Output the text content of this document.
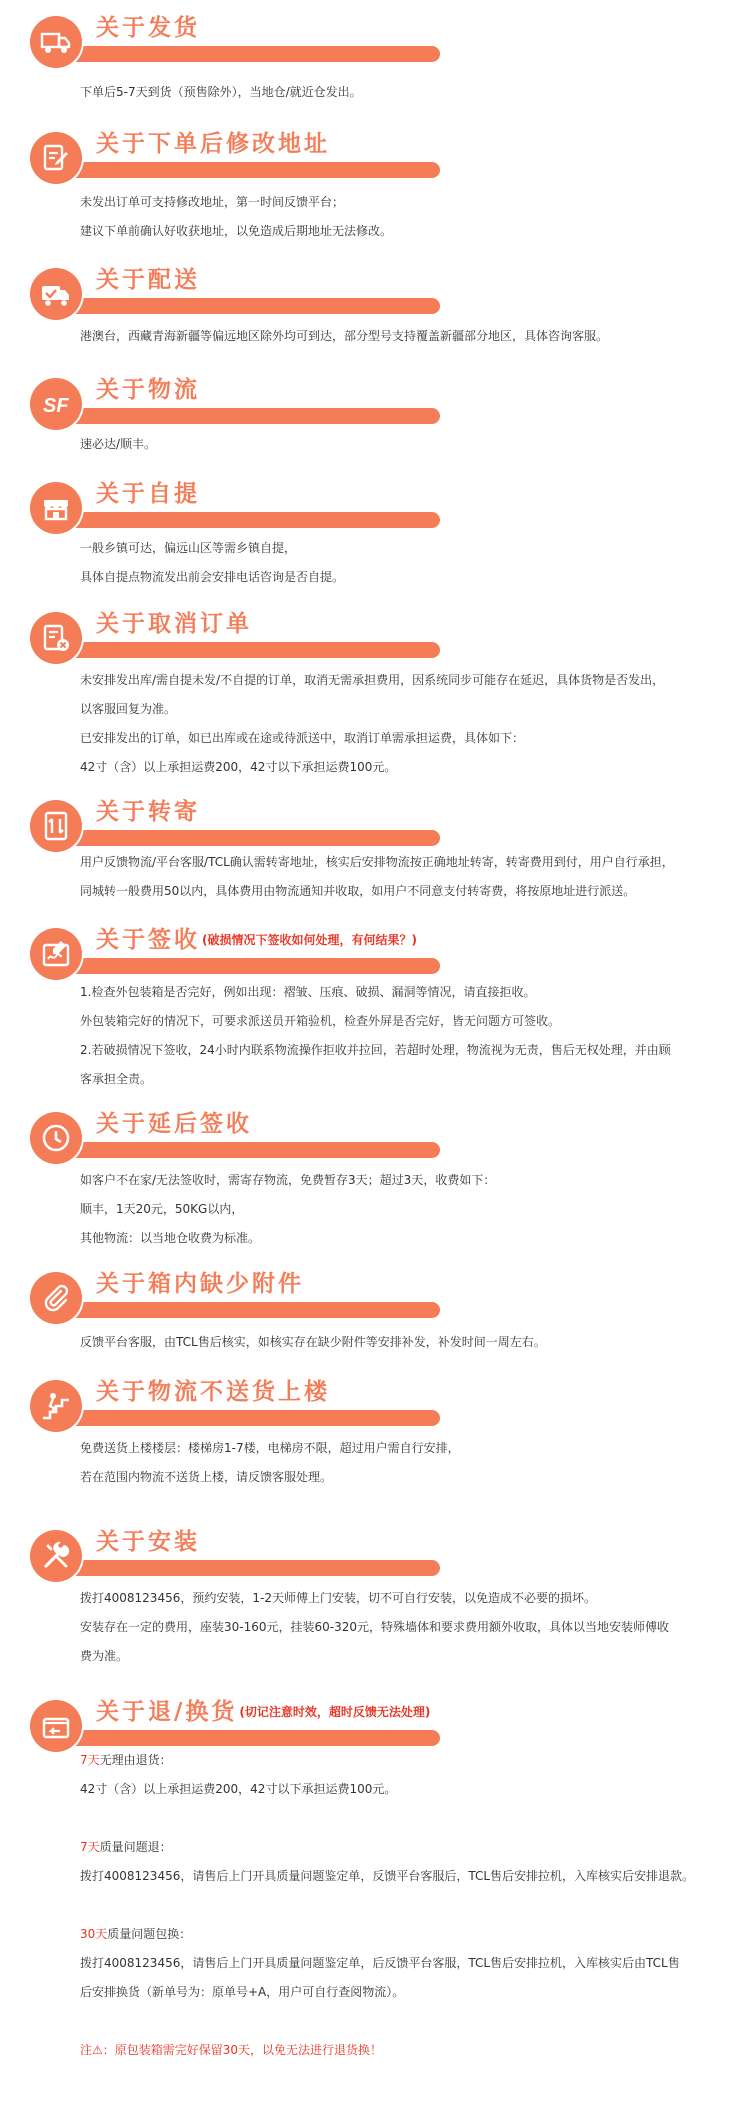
关于发货

下单后5-7天到货（预售除外），当地仓/就近仓发出。

关于下单后修改地址

未发出订单可支持修改地址，第一时间反馈平台；

建议下单前确认好收获地址，以免造成后期地址无法修改。

关于配送

港澳台，西藏青海新疆等偏远地区除外均可到达，部分型号支持覆盖新疆部分地区，具体咨询客服。

SF
关于物流

速必达/顺丰。

关于自提

一般乡镇可达，偏远山区等需乡镇自提，

具体自提点物流发出前会安排电话咨询是否自提。

关于取消订单

未安排发出库/需自提未发/不自提的订单，取消无需承担费用，因系统同步可能存在延迟，具体货物是否发出，

以客服回复为准。

已安排发出的订单，如已出库或在途或待派送中，取消订单需承担运费，具体如下：

42寸（含）以上承担运费200，42寸以下承担运费100元。

关于转寄

用户反馈物流/平台客服/TCL确认需转寄地址，核实后安排物流按正确地址转寄，转寄费用到付，用户自行承担，

同城转一般费用50以内，具体费用由物流通知并收取，如用户不同意支付转寄费，将按原地址进行派送。

关于签收 (破损情况下签收如何处理，有何结果？)

1.检查外包装箱是否完好，例如出现：褶皱、压痕、破损、漏洞等情况，请直接拒收。

外包装箱完好的情况下，可要求派送员开箱验机，检查外屏是否完好，皆无问题方可签收。

2.若破损情况下签收，24小时内联系物流操作拒收并拉回，若超时处理，物流视为无责，售后无权处理，并由顾

客承担全责。

关于延后签收

如客户不在家/无法签收时，需寄存物流，免费暂存3天；超过3天，收费如下：

顺丰，1天20元，50KG以内，

其他物流：以当地仓收费为标准。

关于箱内缺少附件

反馈平台客服，由TCL售后核实，如核实存在缺少附件等安排补发，补发时间一周左右。

关于物流不送货上楼

免费送货上楼楼层：楼梯房1-7楼，电梯房不限，超过用户需自行安排，

若在范围内物流不送货上楼，请反馈客服处理。

关于安装

拨打4008123456，预约安装，1-2天师傅上门安装，切不可自行安装，以免造成不必要的损坏。

安装存在一定的费用，座装30-160元，挂装60-320元，特殊墙体和要求费用额外收取，具体以当地安装师傅收

费为准。

关于退/换货 (切记注意时效，超时反馈无法处理)

7天无理由退货：

42寸（含）以上承担运费200，42寸以下承担运费100元。

7天质量问题退：

拨打4008123456，请售后上门开具质量问题鉴定单，反馈平台客服后，TCL售后安排拉机，入库核实后安排退款。

30天质量问题包换：

拨打4008123456，请售后上门开具质量问题鉴定单，后反馈平台客服，TCL售后安排拉机，入库核实后由TCL售

后安排换货（新单号为：原单号+A，用户可自行查阅物流）。

注⚠：原包装箱需完好保留30天，以免无法进行退货换！
